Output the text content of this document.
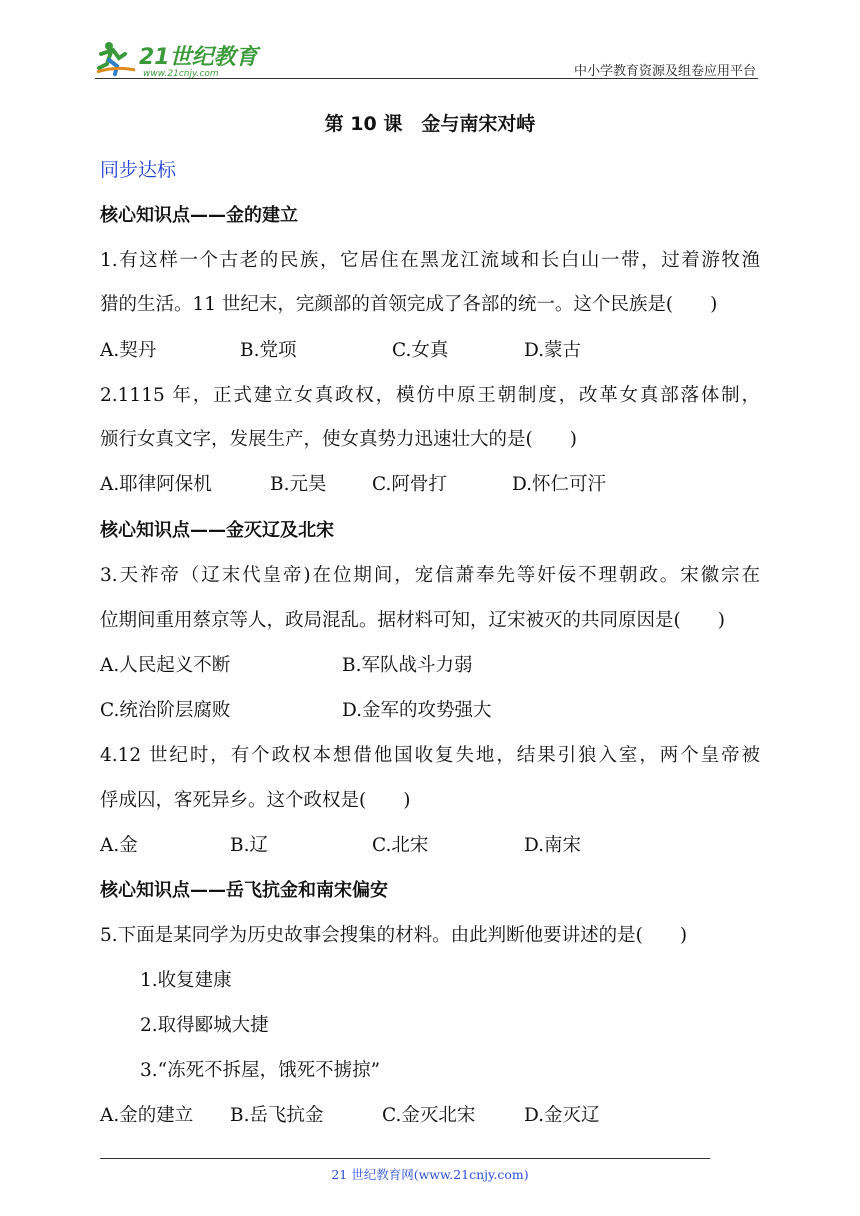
21世纪教育
www.21cnjy.com	中小学教育资源及组卷应用平台
第 10 课　金与南宋对峙
同步达标
核心知识点——金的建立
1.有这样一个古老的民族，它居住在黑龙江流域和长白山一带，过着游牧渔
猎的生活。11 世纪末，完颜部的首领完成了各部的统一。这个民族是(　　)
A.契丹	B.党项	C.女真	D.蒙古
2.1115 年，正式建立女真政权，模仿中原王朝制度，改革女真部落体制，
颁行女真文字，发展生产，使女真势力迅速壮大的是(　　)
A.耶律阿保机	B.元昊 C.阿骨打	D.怀仁可汗
核心知识点——金灭辽及北宋
3.天祚帝（辽末代皇帝)在位期间，宠信萧奉先等奸佞不理朝政。宋徽宗在
位期间重用蔡京等人，政局混乱。据材料可知，辽宋被灭的共同原因是(　　)
A.人民起义不断	B.军队战斗力弱
C.统治阶层腐败	D.金军的攻势强大
4.12 世纪时，有个政权本想借他国收复失地，结果引狼入室，两个皇帝被
俘成囚，客死异乡。这个政权是(　　)
A.金	B.辽	C.北宋	D.南宋
核心知识点——岳飞抗金和南宋偏安
5.下面是某同学为历史故事会搜集的材料。由此判断他要讲述的是(　　)
1.收复建康
2.取得郾城大捷
3.“冻死不拆屋，饿死不掳掠”
A.金的建立 B.岳飞抗金	C.金灭北宋	D.金灭辽
21 世纪教育网(www.21cnjy.com)
